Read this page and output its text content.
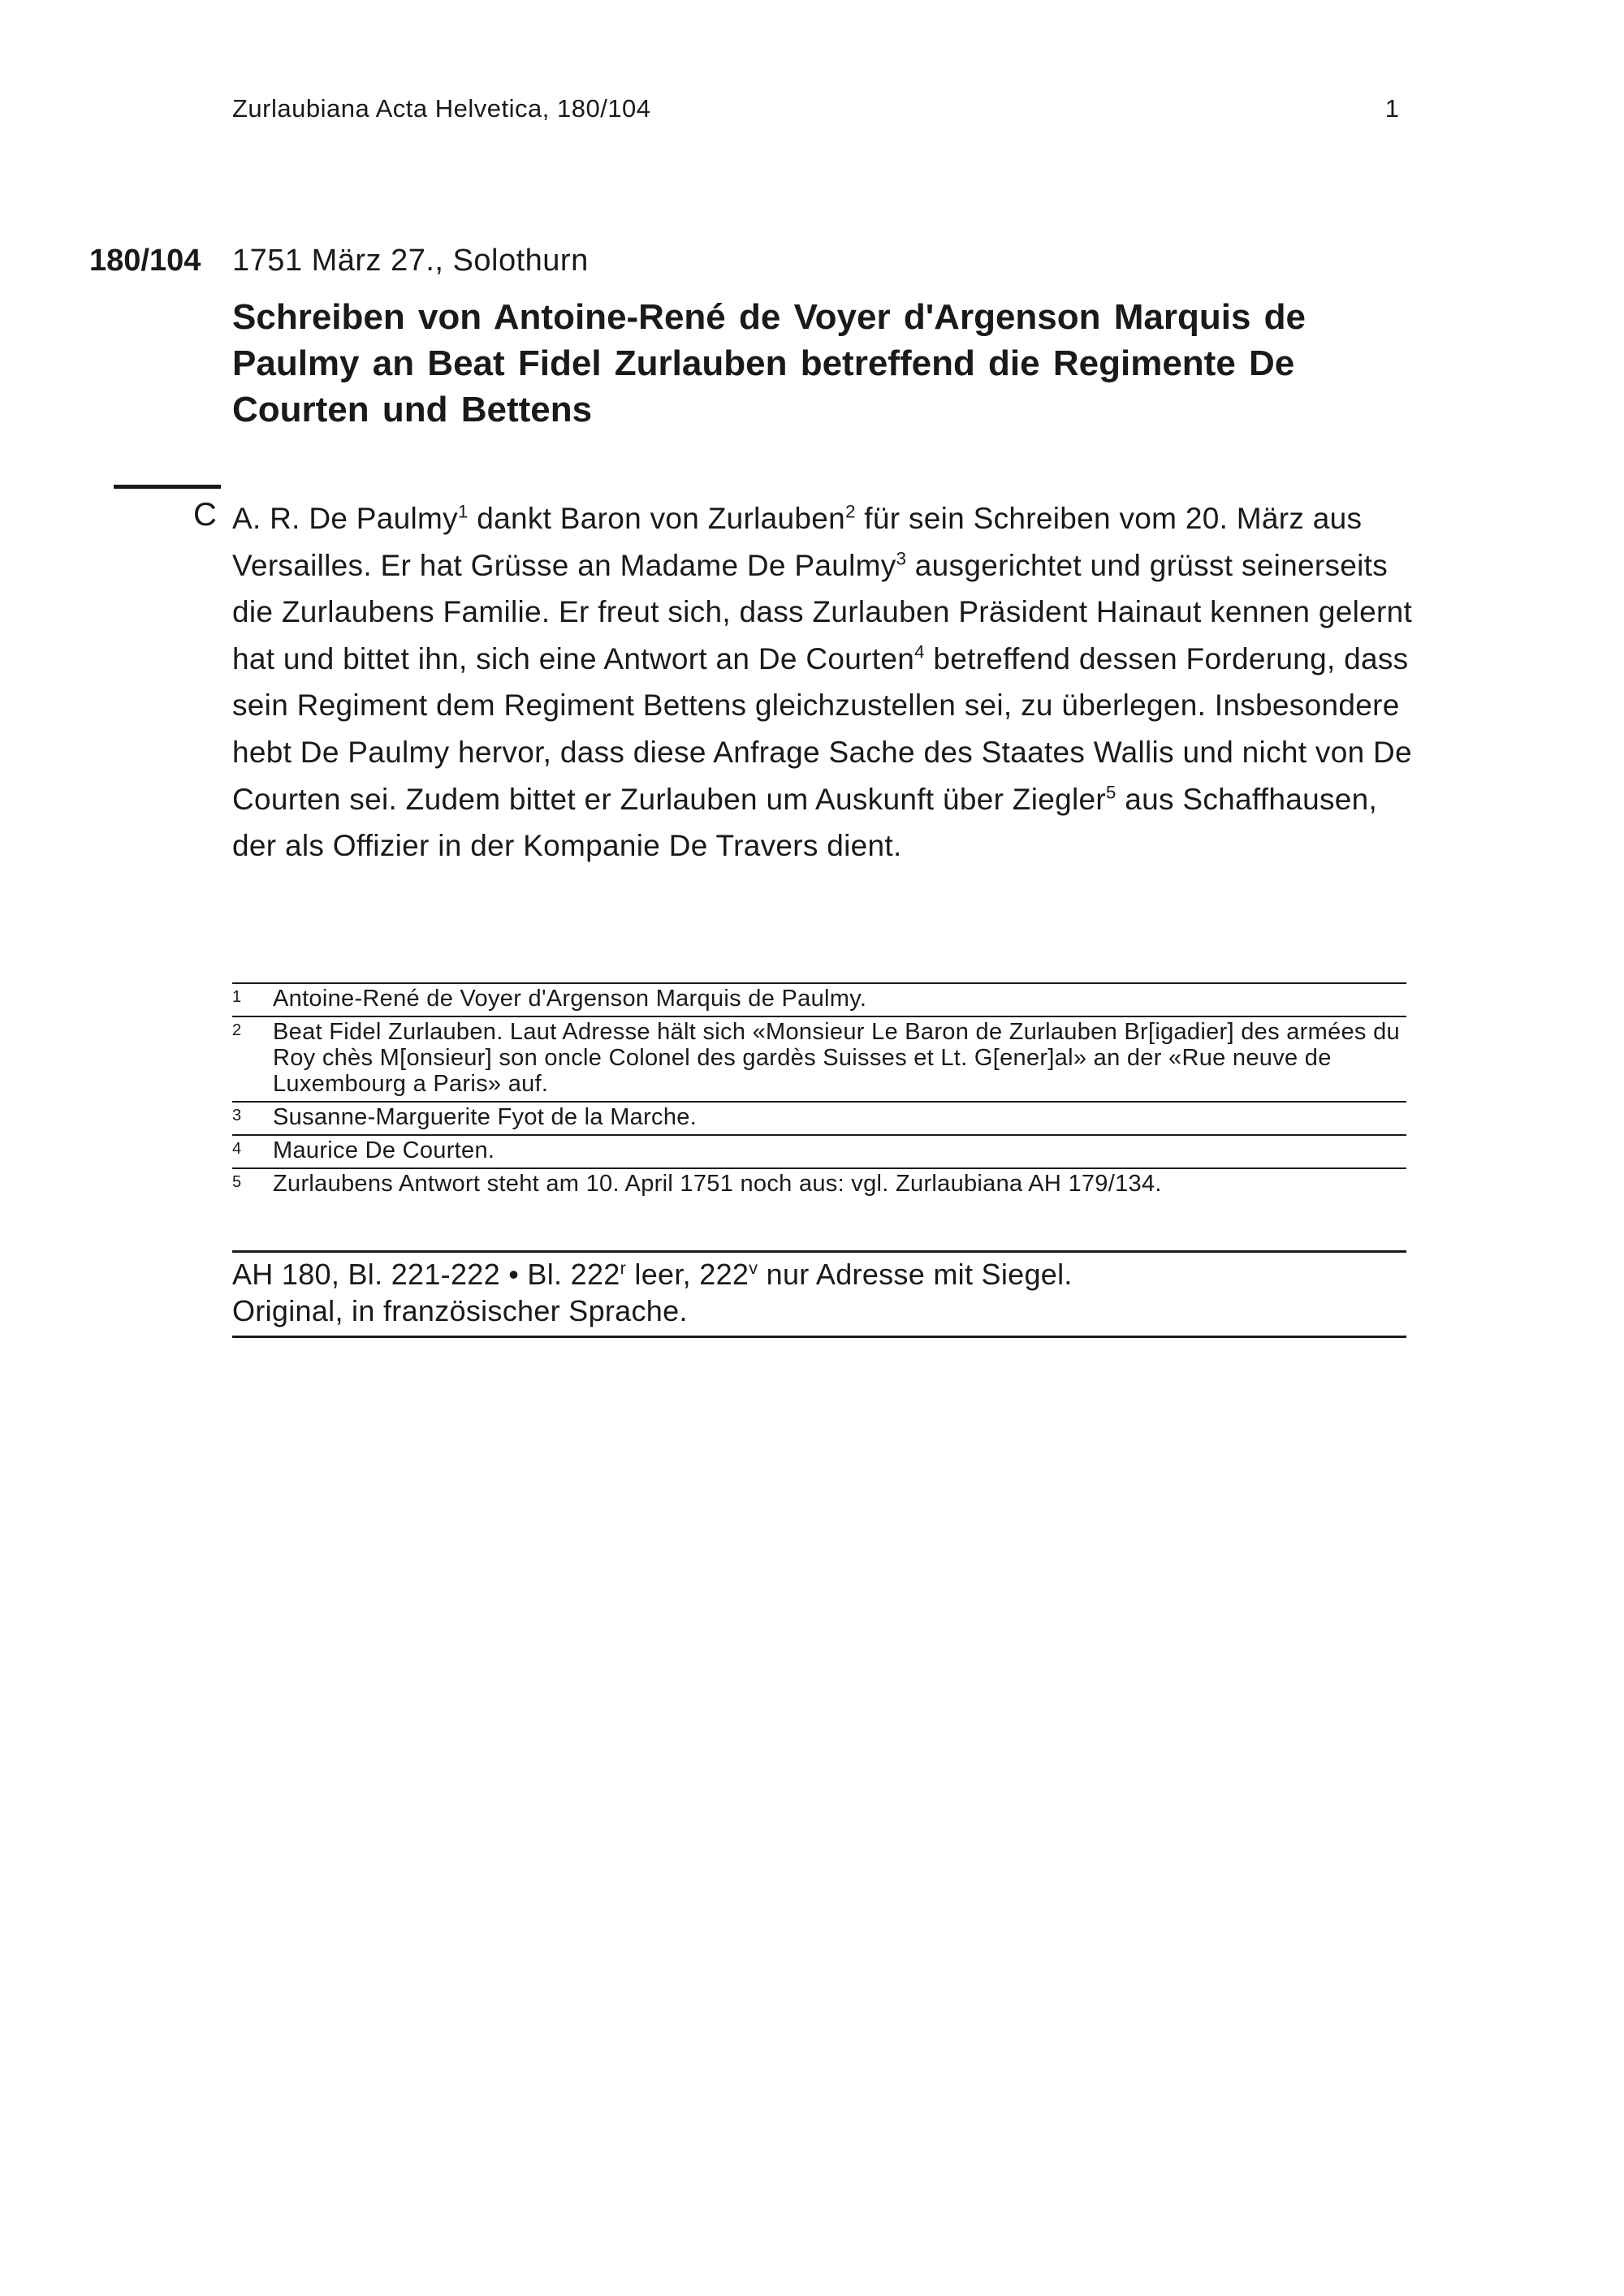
Zurlaubiana Acta Helvetica, 180/104	1
180/104 1751 März 27., Solothurn
Schreiben von Antoine-René de Voyer d'Argenson Marquis de Paulmy an Beat Fidel Zurlauben betreffend die Regimente De Courten und Bettens
C A. R. De Paulmy$^1$ dankt Baron von Zurlauben$^2$ für sein Schreiben vom 20. März aus Versailles. Er hat Grüsse an Madame De Paulmy$^3$ ausgerichtet und grüsst seinerseits die Zurlaubens Familie. Er freut sich, dass Zurlauben Präsident Hainaut kennen gelernt hat und bittet ihn, sich eine Antwort an De Courten$^4$ betreffend dessen Forderung, dass sein Regiment dem Regiment Bettens gleichzustellen sei, zu überlegen. Insbesondere hebt De Paulmy hervor, dass diese Anfrage Sache des Staates Wallis und nicht von De Courten sei. Zudem bittet er Zurlauben um Auskunft über Ziegler$^5$ aus Schaffhausen, der als Offizier in der Kompanie De Travers dient.

1 Antoine-René de Voyer d'Argenson Marquis de Paulmy.
2 Beat Fidel Zurlauben. Laut Adresse hält sich «Monsieur Le Baron de Zurlauben Br[igadier] des armées du Roy chès M[onsieur] son oncle Colonel des gardès Suisses et Lt. G[ener]al» an der «Rue neuve de Luxembourg a Paris» auf.
3 Susanne-Marguerite Fyot de la Marche.
4 Maurice De Courten.
5 Zurlaubens Antwort steht am 10. April 1751 noch aus: vgl. Zurlaubiana AH 179/134.
AH 180, Bl. 221-222 • Bl. 222$^r$ leer, 222$^v$ nur Adresse mit Siegel.
Original, in französischer Sprache.
